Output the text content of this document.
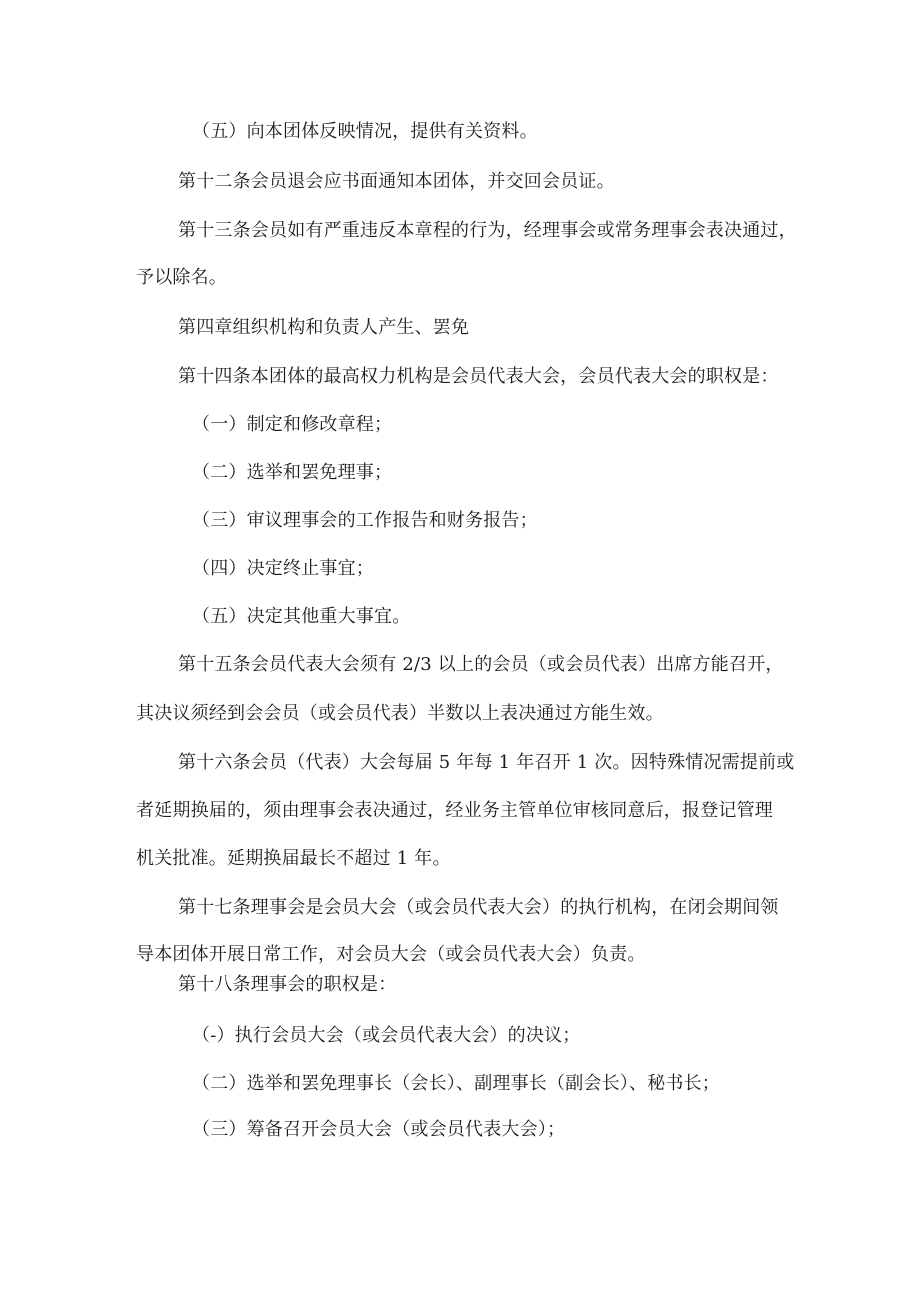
（五）向本团体反映情况，提供有关资料。
第十二条会员退会应书面通知本团体，并交回会员证。
第十三条会员如有严重违反本章程的行为，经理事会或常务理事会表决通过，
予以除名。
第四章组织机构和负责人产生、罢免
第十四条本团体的最高权力机构是会员代表大会，会员代表大会的职权是：
（一）制定和修改章程；
（二）选举和罢免理事；
（三）审议理事会的工作报告和财务报告；
（四）决定终止事宜；
（五）决定其他重大事宜。
第十五条会员代表大会须有 2/3 以上的会员（或会员代表）出席方能召开，
其决议须经到会会员（或会员代表）半数以上表决通过方能生效。
第十六条会员（代表）大会每届 5 年每 1 年召开 1 次。因特殊情况需提前或
者延期换届的，须由理事会表决通过，经业务主管单位审核同意后，报登记管理
机关批准。延期换届最长不超过 1 年。
第十七条理事会是会员大会（或会员代表大会）的执行机构，在闭会期间领
导本团体开展日常工作，对会员大会（或会员代表大会）负责。
第十八条理事会的职权是：
（-）执行会员大会（或会员代表大会）的决议；
（二）选举和罢免理事长（会长）、副理事长（副会长）、秘书长；
（三）筹备召开会员大会（或会员代表大会）；
